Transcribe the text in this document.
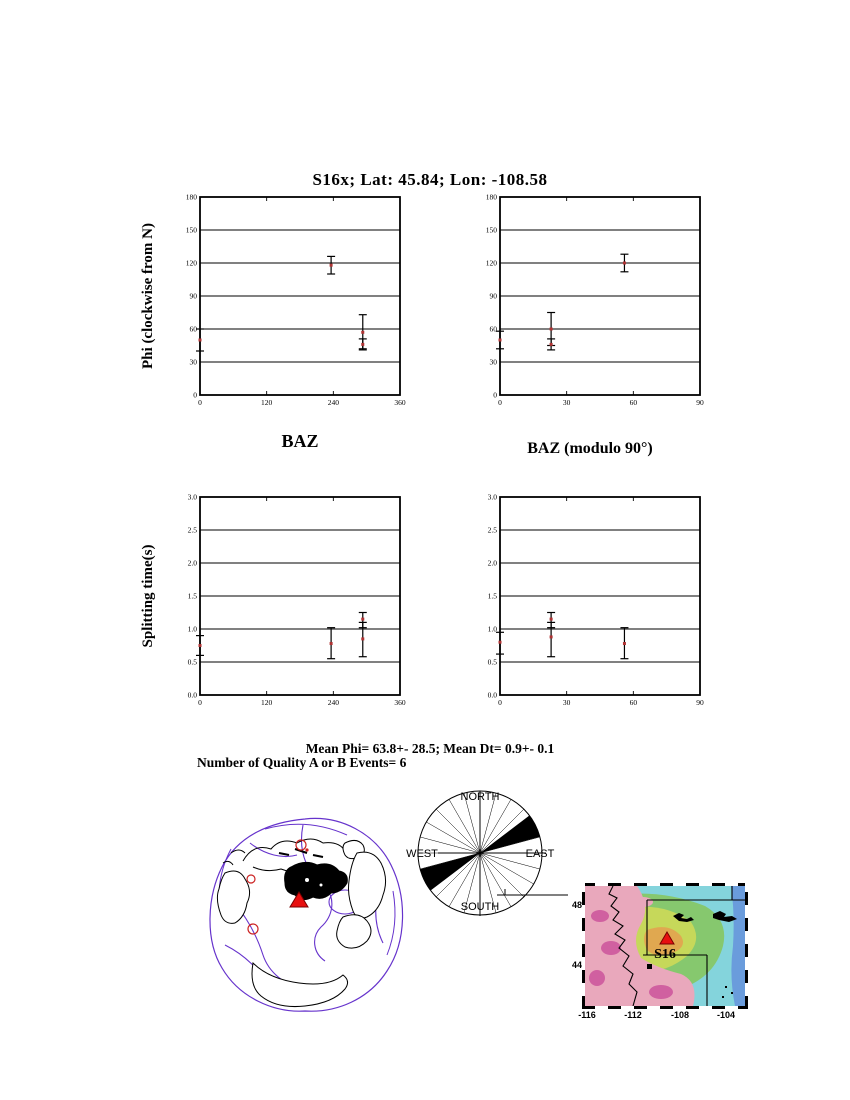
S16x; Lat: 45.84; Lon: -108.58
Phi (clockwise from N)
Splitting time(s)
0
30
60
90
120
150
180
0	120	240	360
0
30
60
90
120
150
180
0	30	60	90
0.0
0.5
1.0
1.5
2.0
2.5
3.0
0	120	240	360
0.0
0.5
1.0
1.5
2.0
2.5
3.0
0	30	60	90
BAZ	BAZ (modulo 90°)
Mean Phi= 63.8+- 28.5; Mean Dt= 0.9+- 0.1
Number of Quality A or B Events= 6
NORTH
SOUTH
WEST	EAST
S16
-116	-112	-108	-104
48
44
